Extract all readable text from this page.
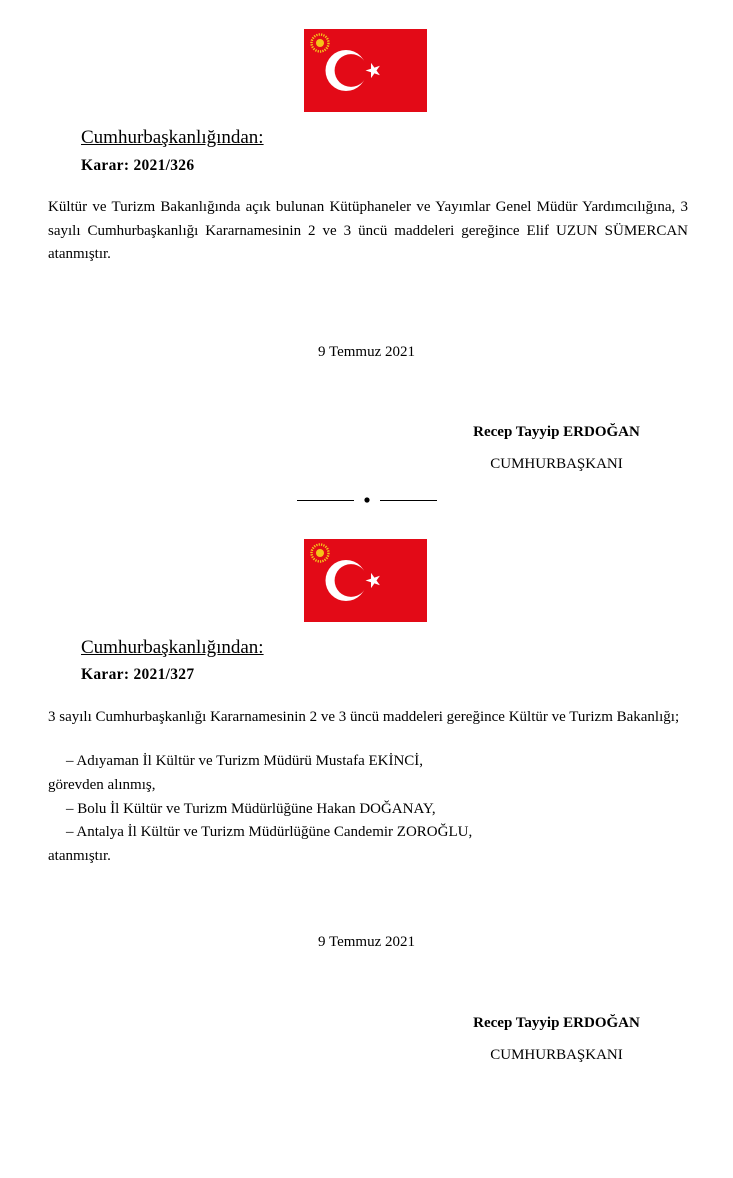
Cumhurbaşkanlığından:
Karar: 2021/326
Kültür ve Turizm Bakanlığında açık bulunan Kütüphaneler ve Yayımlar Genel Müdür Yardımcılığına, 3 sayılı Cumhurbaşkanlığı Kararnamesinin 2 ve 3 üncü maddeleri gereğince Elif UZUN SÜMERCAN atanmıştır.
9 Temmuz 2021
Recep Tayyip ERDOĞAN
CUMHURBAŞKANI
Cumhurbaşkanlığından:
Karar: 2021/327
3 sayılı Cumhurbaşkanlığı Kararnamesinin 2 ve 3 üncü maddeleri gereğince Kültür ve Turizm Bakanlığı;
– Adıyaman İl Kültür ve Turizm Müdürü Mustafa EKİNCİ,
görevden alınmış,
– Bolu İl Kültür ve Turizm Müdürlüğüne Hakan DOĞANAY,
– Antalya İl Kültür ve Turizm Müdürlüğüne Candemir ZOROĞLU,
atanmıştır.
9 Temmuz 2021
Recep Tayyip ERDOĞAN
CUMHURBAŞKANI
